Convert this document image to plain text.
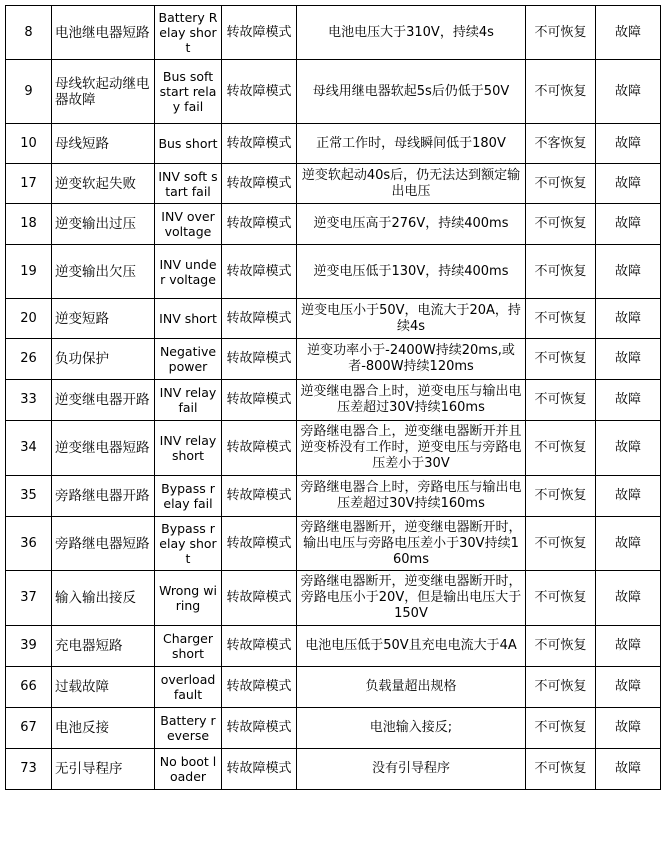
8	电池继电器短路	Battery Relay short	转故障模式	电池电压大于310V，持续4s	不可恢复	故障
9	母线软起动继电器故障	Bus soft start relay fail	转故障模式	母线用继电器软起5s后仍低于50V	不可恢复	故障
10	母线短路	Bus short	转故障模式	正常工作时，母线瞬间低于180V	不客恢复	故障
17	逆变软起失败	INV soft start fail	转故障模式	逆变软起动40s后，仍无法达到额定输出电压	不可恢复	故障
18	逆变输出过压	INV over voltage	转故障模式	逆变电压高于276V，持续400ms	不可恢复	故障
19	逆变输出欠压	INV under voltage	转故障模式	逆变电压低于130V，持续400ms	不可恢复	故障
20	逆变短路	INV short	转故障模式	逆变电压小于50V，电流大于20A，持续4s	不可恢复	故障
26	负功保护	Negative power	转故障模式	逆变功率小于-2400W持续20ms,或者-800W持续120ms	不可恢复	故障
33	逆变继电器开路	INV relay fail	转故障模式	逆变继电器合上时，逆变电压与输出电压差超过30V持续160ms	不可恢复	故障
34	逆变继电器短路	INV relay short	转故障模式	旁路继电器合上，逆变继电器断开并且逆变桥没有工作时，逆变电压与旁路电压差小于30V	不可恢复	故障
35	旁路继电器开路	Bypass relay fail	转故障模式	旁路继电器合上时，旁路电压与输出电压差超过30V持续160ms	不可恢复	故障
36	旁路继电器短路	Bypass relay short	转故障模式	旁路继电器断开，逆变继电器断开时，输出电压与旁路电压差小于30V持续160ms	不可恢复	故障
37	输入输出接反	Wrong wiring	转故障模式	旁路继电器断开，逆变继电器断开时，旁路电压小于20V，但是输出电压大于150V	不可恢复	故障
39	充电器短路	Charger short	转故障模式	电池电压低于50V且充电电流大于4A	不可恢复	故障
66	过载故障	overload fault	转故障模式	负载量超出规格	不可恢复	故障
67	电池反接	Battery reverse	转故障模式	电池输入接反;	不可恢复	故障
73	无引导程序	No boot loader	转故障模式	没有引导程序	不可恢复	故障
